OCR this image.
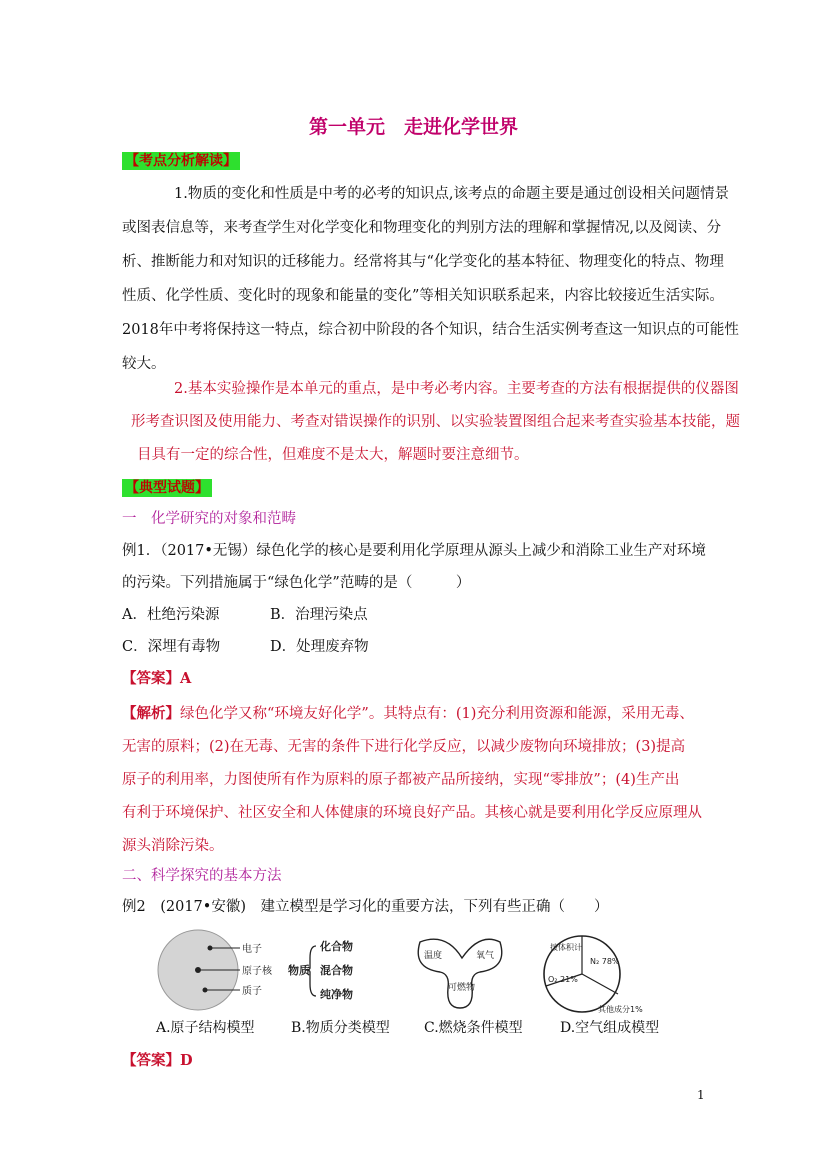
第一单元　走进化学世界
【考点分析解读】
1.物质的变化和性质是中考的必考的知识点,该考点的命题主要是通过创设相关问题情景
或图表信息等，来考查学生对化学变化和物理变化的判别方法的理解和掌握情况,以及阅读、分
析、推断能力和对知识的迁移能力。经常将其与“化学变化的基本特征、物理变化的特点、物理
性质、化学性质、变化时的现象和能量的变化”等相关知识联系起来，内容比较接近生活实际。
2018年中考将保持这一特点，综合初中阶段的各个知识，结合生活实例考查这一知识点的可能性
较大。
2.基本实验操作是本单元的重点，是中考必考内容。主要考查的方法有根据提供的仪器图
形考查识图及使用能力、考查对错误操作的识别、以实验装置图组合起来考查实验基本技能，题
目具有一定的综合性，但难度不是太大，解题时要注意细节。
【典型试题】
一　化学研究的对象和范畴
例1．（2017•无锡）绿色化学的核心是要利用化学原理从源头上减少和消除工业生产对环境
的污染。下列措施属于“绿色化学”范畴的是（　　　）
A．杜绝污染源	B．治理污染点
C．深埋有毒物	D．处理废弃物
【答案】A
【解析】绿色化学又称“环境友好化学”。其特点有：(1)充分利用资源和能源，采用无毒、
无害的原料；(2)在无毒、无害的条件下进行化学反应，以减少废物向环境排放；(3)提高
原子的利用率，力图使所有作为原料的原子都被产品所接纳，实现“零排放”；(4)生产出
有利于环境保护、社区安全和人体健康的环境良好产品。其核心就是要利用化学反应原理从
源头消除污染。
二、科学探究的基本方法
例2　(2017•安徽)　建立模型是学习化的重要方法，下列有些正确（　　）
电子
原子核
质子
物质
化合物
混合物
纯净物
温度
可燃物
氧气
按体积计
N₂ 78%
O₂ 21%
其他成分1%
A.原子结构模型	B.物质分类模型 C.燃烧条件模型	D.空气组成模型
【答案】D
1
